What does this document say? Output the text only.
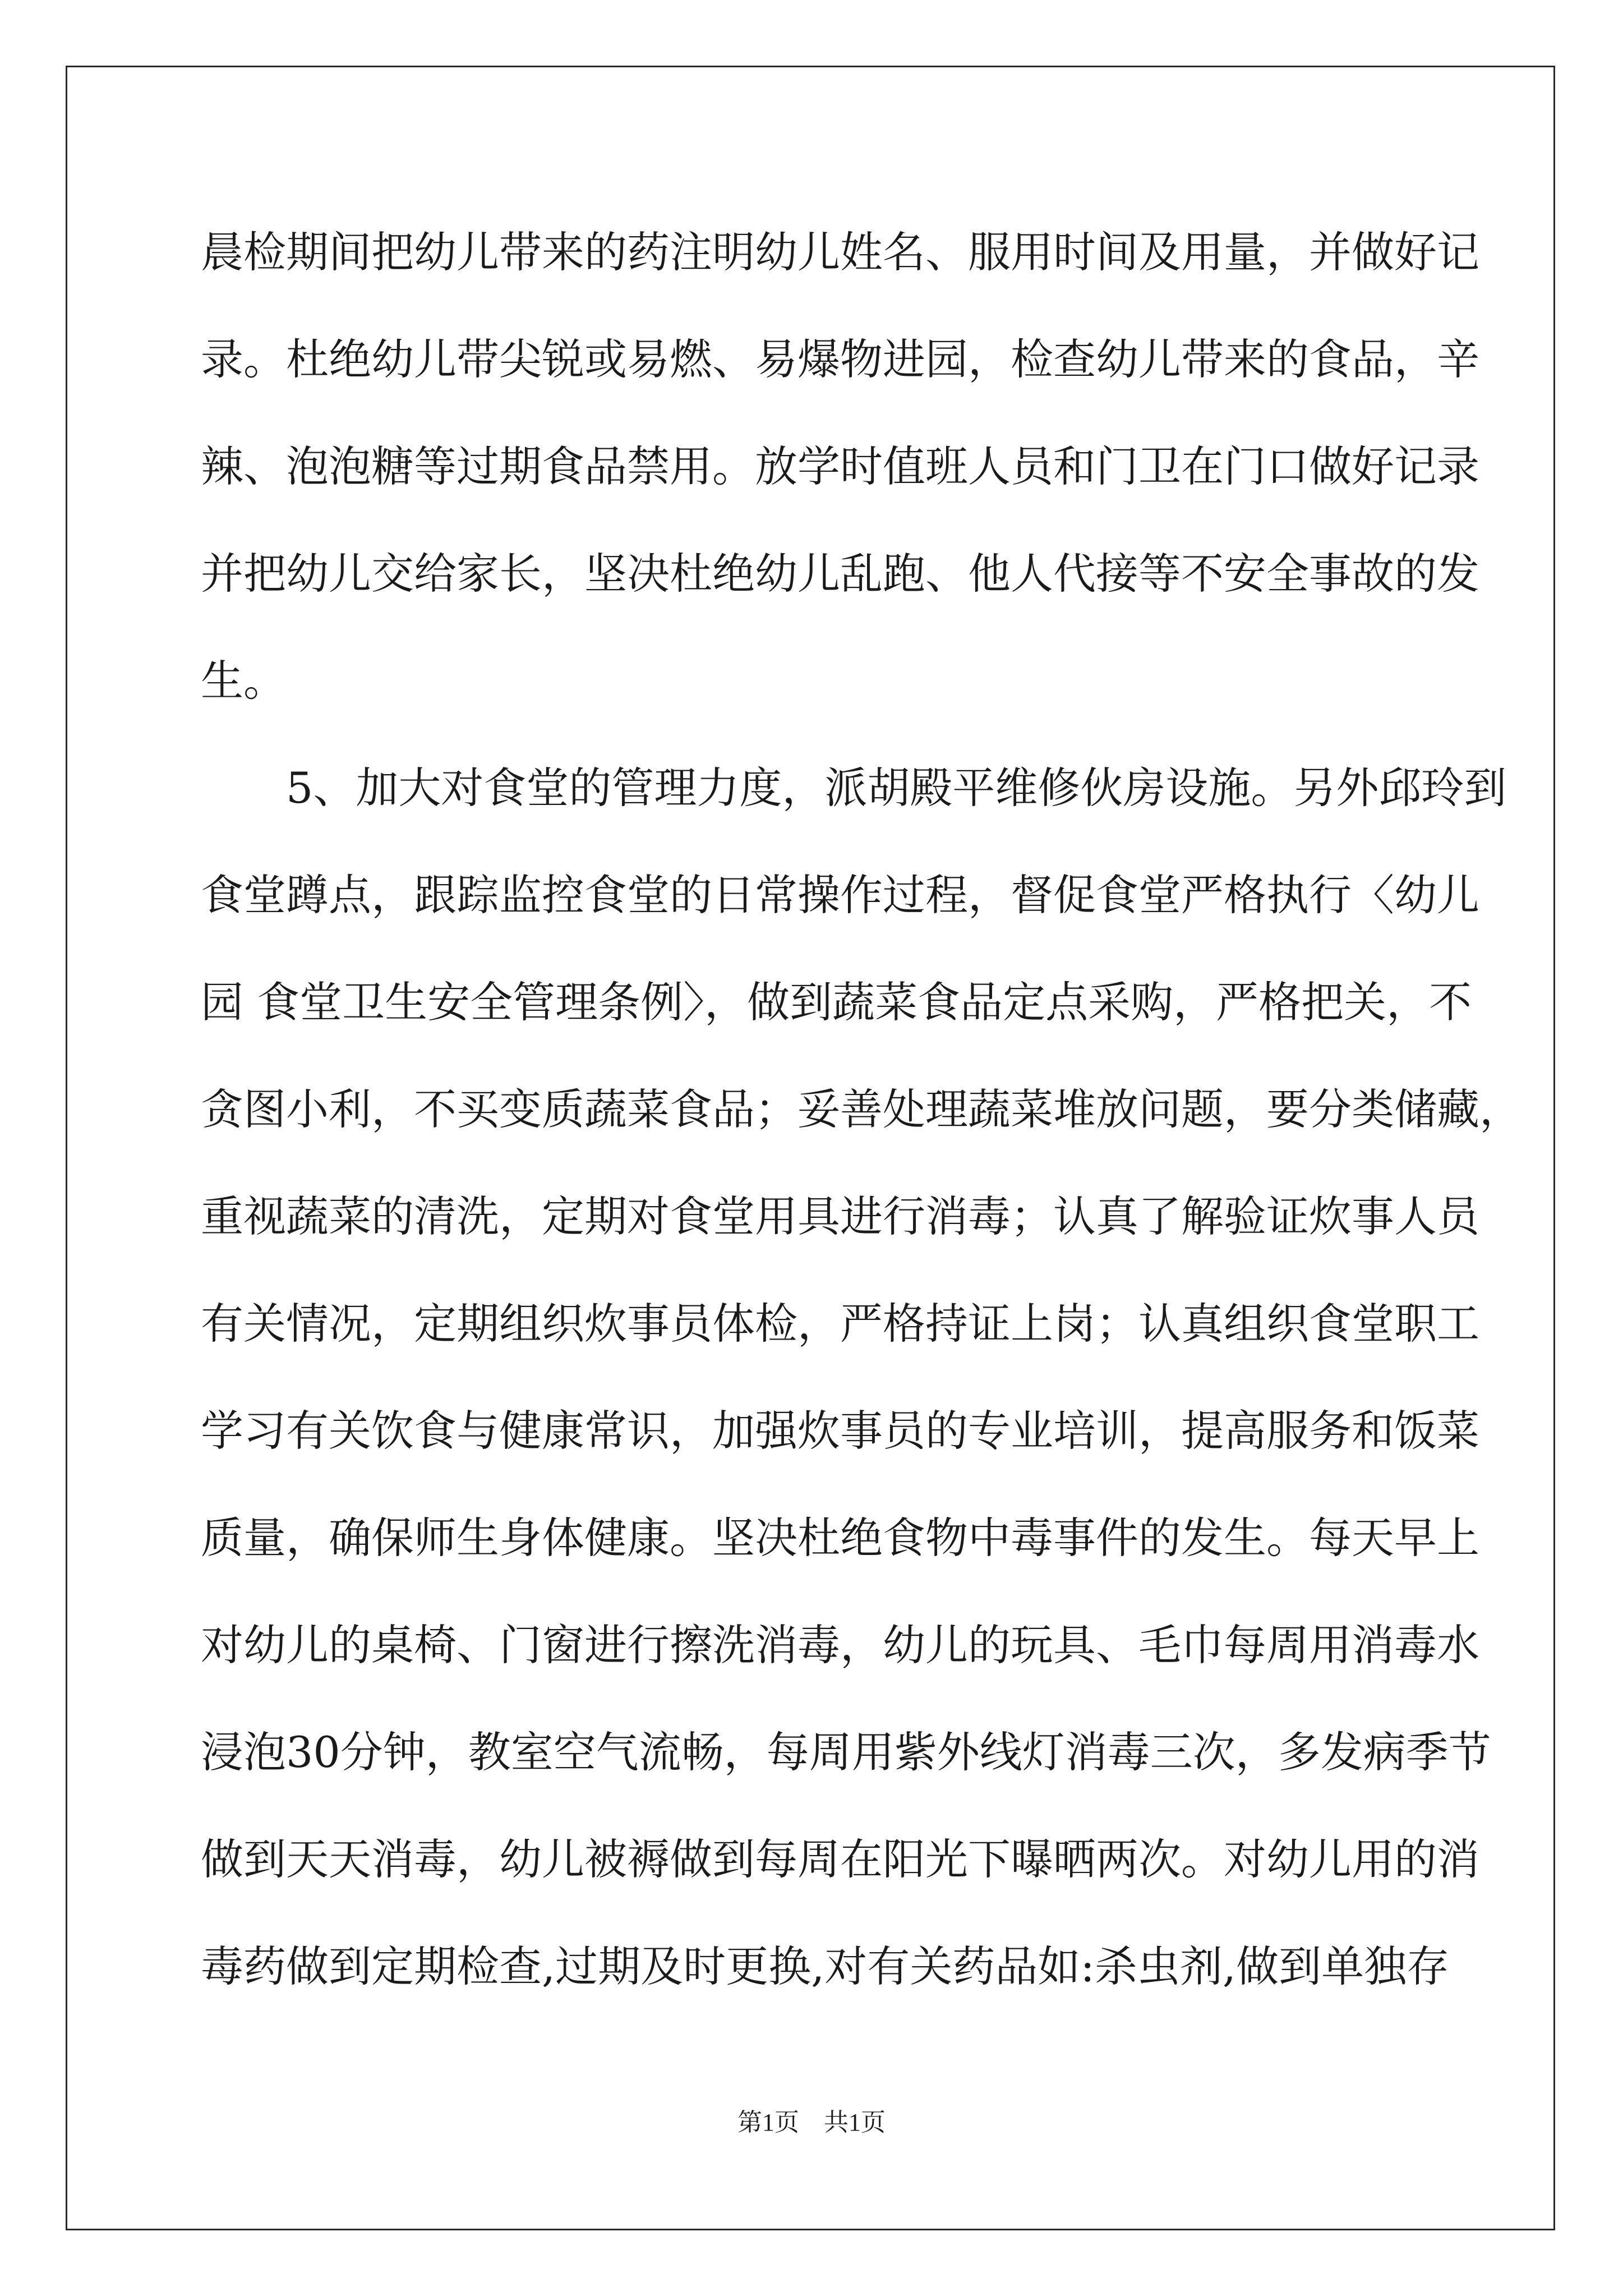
晨检期间把幼儿带来的药注明幼儿姓名、服用时间及用量，并做好记
录。杜绝幼儿带尖锐或易燃、易爆物进园，检查幼儿带来的食品，辛
辣、泡泡糖等过期食品禁用。放学时值班人员和门卫在门口做好记录
并把幼儿交给家长，坚决杜绝幼儿乱跑、他人代接等不安全事故的发
生。
　　5、加大对食堂的管理力度，派胡殿平维修伙房设施。另外邱玲到
食堂蹲点，跟踪监控食堂的日常操作过程，督促食堂严格执行〈幼儿
园 食堂卫生安全管理条例〉，做到蔬菜食品定点采购，严格把关，不
贪图小利，不买变质蔬菜食品；妥善处理蔬菜堆放问题，要分类储藏，
重视蔬菜的清洗，定期对食堂用具进行消毒；认真了解验证炊事人员
有关情况，定期组织炊事员体检，严格持证上岗；认真组织食堂职工
学习有关饮食与健康常识，加强炊事员的专业培训，提高服务和饭菜
质量，确保师生身体健康。坚决杜绝食物中毒事件的发生。每天早上
对幼儿的桌椅、门窗进行擦洗消毒，幼儿的玩具、毛巾每周用消毒水
浸泡30分钟，教室空气流畅，每周用紫外线灯消毒三次，多发病季节
做到天天消毒，幼儿被褥做到每周在阳光下曝晒两次。对幼儿用的消
毒药做到定期检查,过期及时更换,对有关药品如:杀虫剂,做到单独存
第1页　共1页
